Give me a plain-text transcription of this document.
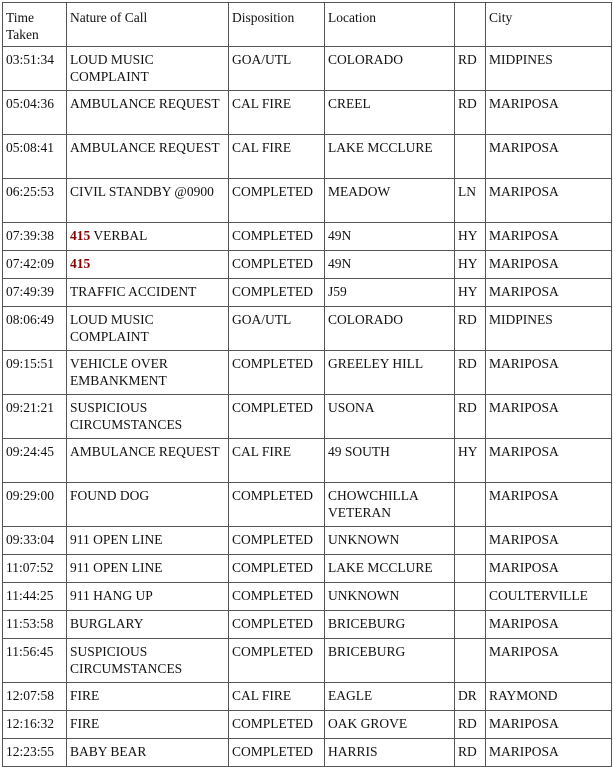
Time Taken	Nature of Call	Disposition	Location		City
03:51:34	LOUD MUSIC COMPLAINT	GOA/UTL	COLORADO	RD	MIDPINES
05:04:36	AMBULANCE REQUEST	CAL FIRE	CREEL	RD	MARIPOSA
05:08:41	AMBULANCE REQUEST	CAL FIRE	LAKE MCCLURE		MARIPOSA
06:25:53	CIVIL STANDBY @0900	COMPLETED	MEADOW	LN	MARIPOSA
07:39:38	415 VERBAL	COMPLETED	49N	HY	MARIPOSA
07:42:09	415	COMPLETED	49N	HY	MARIPOSA
07:49:39	TRAFFIC ACCIDENT	COMPLETED	J59	HY	MARIPOSA
08:06:49	LOUD MUSIC COMPLAINT	GOA/UTL	COLORADO	RD	MIDPINES
09:15:51	VEHICLE OVER EMBANKMENT	COMPLETED	GREELEY HILL	RD	MARIPOSA
09:21:21	SUSPICIOUS CIRCUMSTANCES	COMPLETED	USONA	RD	MARIPOSA
09:24:45	AMBULANCE REQUEST	CAL FIRE	49 SOUTH	HY	MARIPOSA
09:29:00	FOUND DOG	COMPLETED	CHOWCHILLA VETERAN		MARIPOSA
09:33:04	911 OPEN LINE	COMPLETED	UNKNOWN		MARIPOSA
11:07:52	911 OPEN LINE	COMPLETED	LAKE MCCLURE		MARIPOSA
11:44:25	911 HANG UP	COMPLETED	UNKNOWN		COULTERVILLE
11:53:58	BURGLARY	COMPLETED	BRICEBURG		MARIPOSA
11:56:45	SUSPICIOUS CIRCUMSTANCES	COMPLETED	BRICEBURG		MARIPOSA
12:07:58	FIRE	CAL FIRE	EAGLE	DR	RAYMOND
12:16:32	FIRE	COMPLETED	OAK GROVE	RD	MARIPOSA
12:23:55	BABY BEAR	COMPLETED	HARRIS	RD	MARIPOSA
